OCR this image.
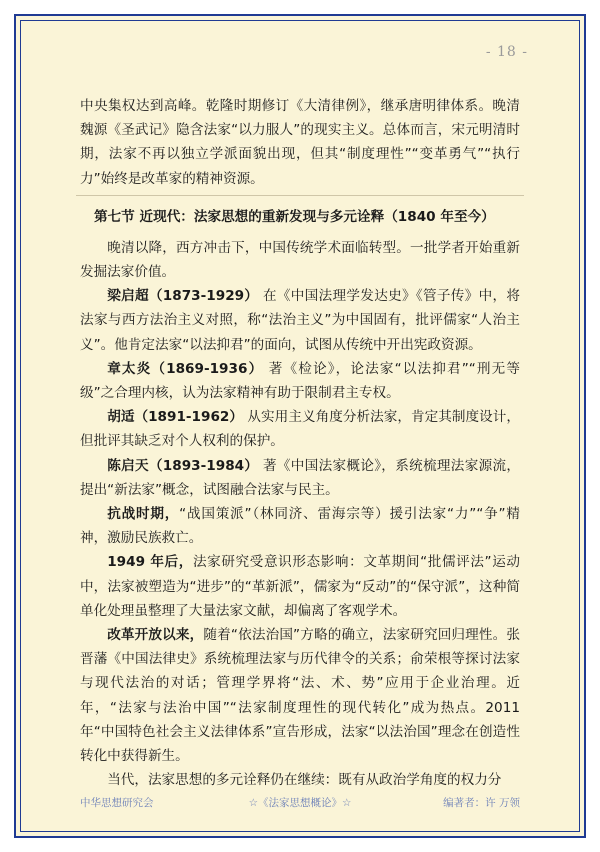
- 18 -

中央集权达到高峰。乾隆时期修订《大清律例》，继承唐明律体系。晚清魏源《圣武记》隐含法家“以力服人”的现实主义。总体而言，宋元明清时期，法家不再以独立学派面貌出现，但其“制度理性”“变革勇气”“执行力”始终是改革家的精神资源。

第七节 近现代：法家思想的重新发现与多元诠释（1840 年至今）

晚清以降，西方冲击下，中国传统学术面临转型。一批学者开始重新发掘法家价值。

梁启超（1873-1929） 在《中国法理学发达史》《管子传》中，将法家与西方法治主义对照，称“法治主义”为中国固有，批评儒家“人治主义”。他肯定法家“以法抑君”的面向，试图从传统中开出宪政资源。

章太炎（1869-1936） 著《检论》，论法家“以法抑君”“刑无等级”之合理内核，认为法家精神有助于限制君主专权。

胡适（1891-1962） 从实用主义角度分析法家，肯定其制度设计，但批评其缺乏对个人权利的保护。

陈启天（1893-1984） 著《中国法家概论》，系统梳理法家源流，提出“新法家”概念，试图融合法家与民主。

抗战时期，“战国策派”（林同济、雷海宗等）援引法家“力”“争”精神，激励民族救亡。

1949 年后，法家研究受意识形态影响：文革期间“批儒评法”运动中，法家被塑造为“进步”的“革新派”，儒家为“反动”的“保守派”，这种简单化处理虽整理了大量法家文献，却偏离了客观学术。

改革开放以来，随着“依法治国”方略的确立，法家研究回归理性。张晋藩《中国法律史》系统梳理法家与历代律令的关系；俞荣根等探讨法家与现代法治的对话；管理学界将“法、术、势”应用于企业治理。近年，“法家与法治中国”“法家制度理性的现代转化”成为热点。2011 年“中国特色社会主义法律体系”宣告形成，法家“以法治国”理念在创造性转化中获得新生。

当代，法家思想的多元诠释仍在继续：既有从政治学角度的权力分

中华思想研究会	☆《法家思想概论》☆	编著者：许 万领
